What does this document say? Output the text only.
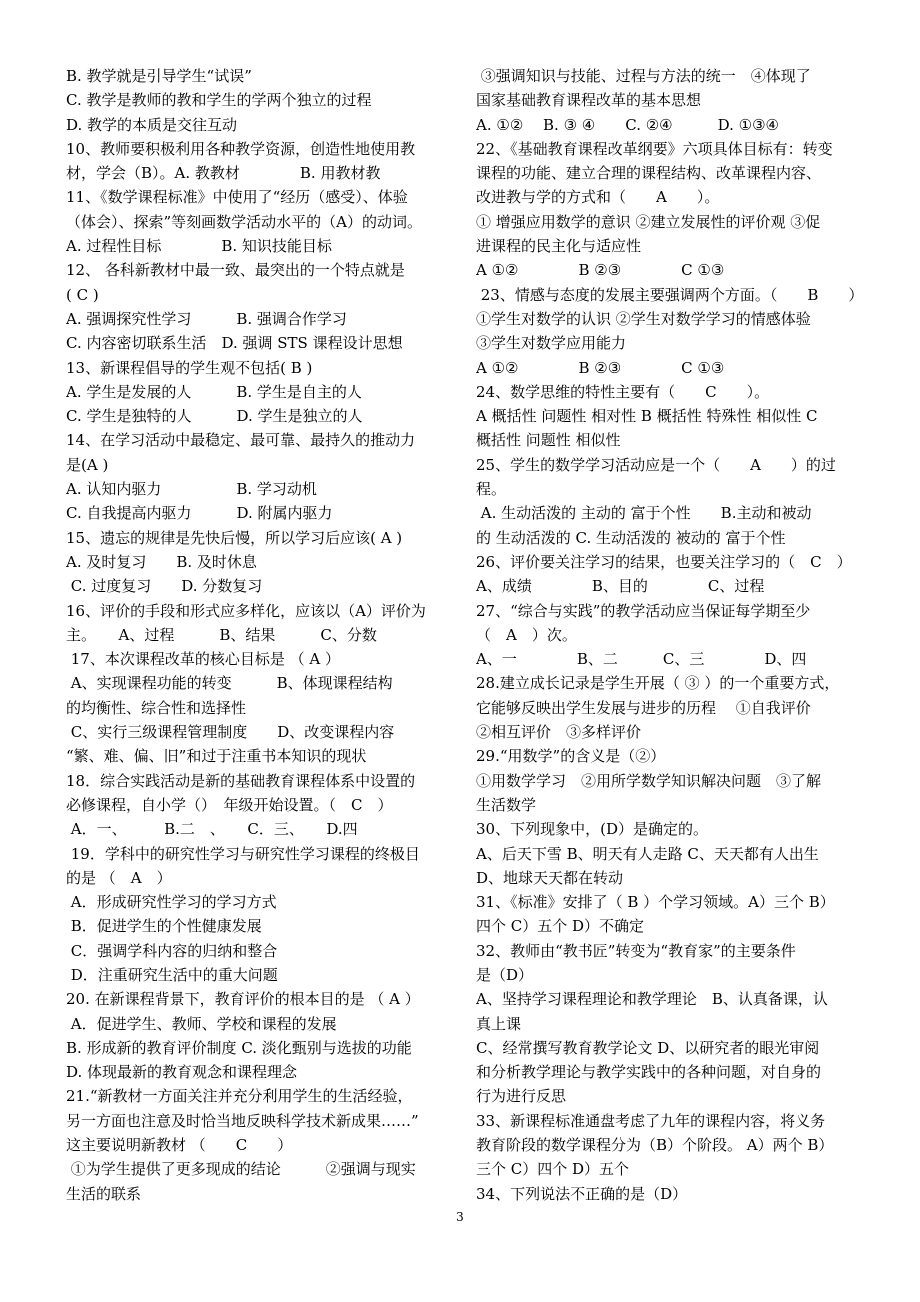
B. 教学就是引导学生“试误”
C. 教学是教师的教和学生的学两个独立的过程
D. 教学的本质是交往互动
10、教师要积极利用各种教学资源，创造性地使用教
材，学会（B）。A. 教教材　　　　B. 用教材教
11、《数学课程标准》中使用了“经历（感受）、体验
（体会）、探索”等刻画数学活动水平的（A）的动词。
A. 过程性目标　　　　B. 知识技能目标
12、 各科新教材中最一致、最突出的一个特点就是
( C )
A. 强调探究性学习　　　B. 强调合作学习
C. 内容密切联系生活　D. 强调 STS 课程设计思想
13、新课程倡导的学生观不包括( B )
A. 学生是发展的人　　　B. 学生是自主的人
C. 学生是独特的人　　　D. 学生是独立的人
14、在学习活动中最稳定、最可靠、最持久的推动力
是(A )
A. 认知内驱力　　　　　B. 学习动机
C. 自我提高内驱力　　　D. 附属内驱力
15、遗忘的规律是先快后慢，所以学习后应该( A )
A. 及时复习　　B. 及时休息
C. 过度复习　　D. 分数复习
16、评价的手段和形式应多样化，应该以（A）评价为
主。　　A、过程　　　B、结果　　　C、分数
17、本次课程改革的核心目标是 （ A ）
A、实现课程功能的转变　　　B、体现课程结构
的均衡性、综合性和选择性
C、实行三级课程管理制度　　D、改变课程内容
“繁、难、偏、旧”和过于注重书本知识的现状
18．综合实践活动是新的基础教育课程体系中设置的
必修课程，自小学（）　年级开始设置。（　C　）
A．一、　　　B.二　、　　C．三、　　D.四
19．学科中的研究性学习与研究性学习课程的终极目
的是 （　A　）
A．形成研究性学习的学习方式
B．促进学生的个性健康发展
C．强调学科内容的归纳和整合
D．注重研究生活中的重大问题
20. 在新课程背景下，教育评价的根本目的是 （ A ）
A．促进学生、教师、学校和课程的发展
B. 形成新的教育评价制度 C. 淡化甄别与选拔的功能
D. 体现最新的教育观念和课程理念
21.“新教材一方面关注并充分利用学生的生活经验，
另一方面也注意及时恰当地反映科学技术新成果……”
这主要说明新教材 （　　C　　）
①为学生提供了更多现成的结论　　　②强调与现实
生活的联系
③强调知识与技能、过程与方法的统一　④体现了
国家基础教育课程改革的基本思想
A. ①②　 B. ③ ④　　C. ②④　　　D. ①③④
22、《基础教育课程改革纲要》六项具体目标有：转变
课程的功能、建立合理的课程结构、改革课程内容、
改进教与学的方式和（　　A　　）。
① 增强应用数学的意识 ②建立发展性的评价观 ③促
进课程的民主化与适应性
A ①②　　　　B ②③　　　　C ①③
23、情感与态度的发展主要强调两个方面。（　　B　　）
①学生对数学的认识 ②学生对数学学习的情感体验
③学生对数学应用能力
A ①②　　　　B ②③　　　　C ①③
24、数学思维的特性主要有（　　C　　）。
A 概括性 问题性 相对性 B 概括性 特殊性 相似性 C
概括性 问题性 相似性
25、学生的数学学习活动应是一个（　　A　　）的过
程。
A. 生动活泼的 主动的 富于个性　　B.主动和被动
的 生动活泼的 C. 生动活泼的 被动的 富于个性
26、评价要关注学习的结果，也要关注学习的（　C　）
A、成绩　　　　B、目的　　　　C、过程
27、“综合与实践”的教学活动应当保证每学期至少
（　A　）次。
A、一　　　　B、二　　　C、三　　　　D、四
28.建立成长记录是学生开展（ ③ ）的一个重要方式，
它能够反映出学生发展与进步的历程　 ①自我评价
②相互评价　③多样评价
29.“用数学”的含义是（②）
①用数学学习　②用所学数学知识解决问题　③了解
生活数学
30、下列现象中，(D）是确定的。
A、后天下雪 B、明天有人走路 C、天天都有人出生
D、地球天天都在转动
31、《标准》安排了（ B ）个学习领域。A）三个 B）
四个 C）五个 D）不确定
32、教师由“教书匠”转变为“教育家”的主要条件
是（D）
A、坚持学习课程理论和教学理论　B、认真备课，认
真上课
C、经常撰写教育教学论文 D、以研究者的眼光审阅
和分析教学理论与教学实践中的各种问题，对自身的
行为进行反思
33、新课程标准通盘考虑了九年的课程内容，将义务
教育阶段的数学课程分为（B）个阶段。 A）两个 B）
三个 C）四个 D）五个
34、下列说法不正确的是（D）
3
